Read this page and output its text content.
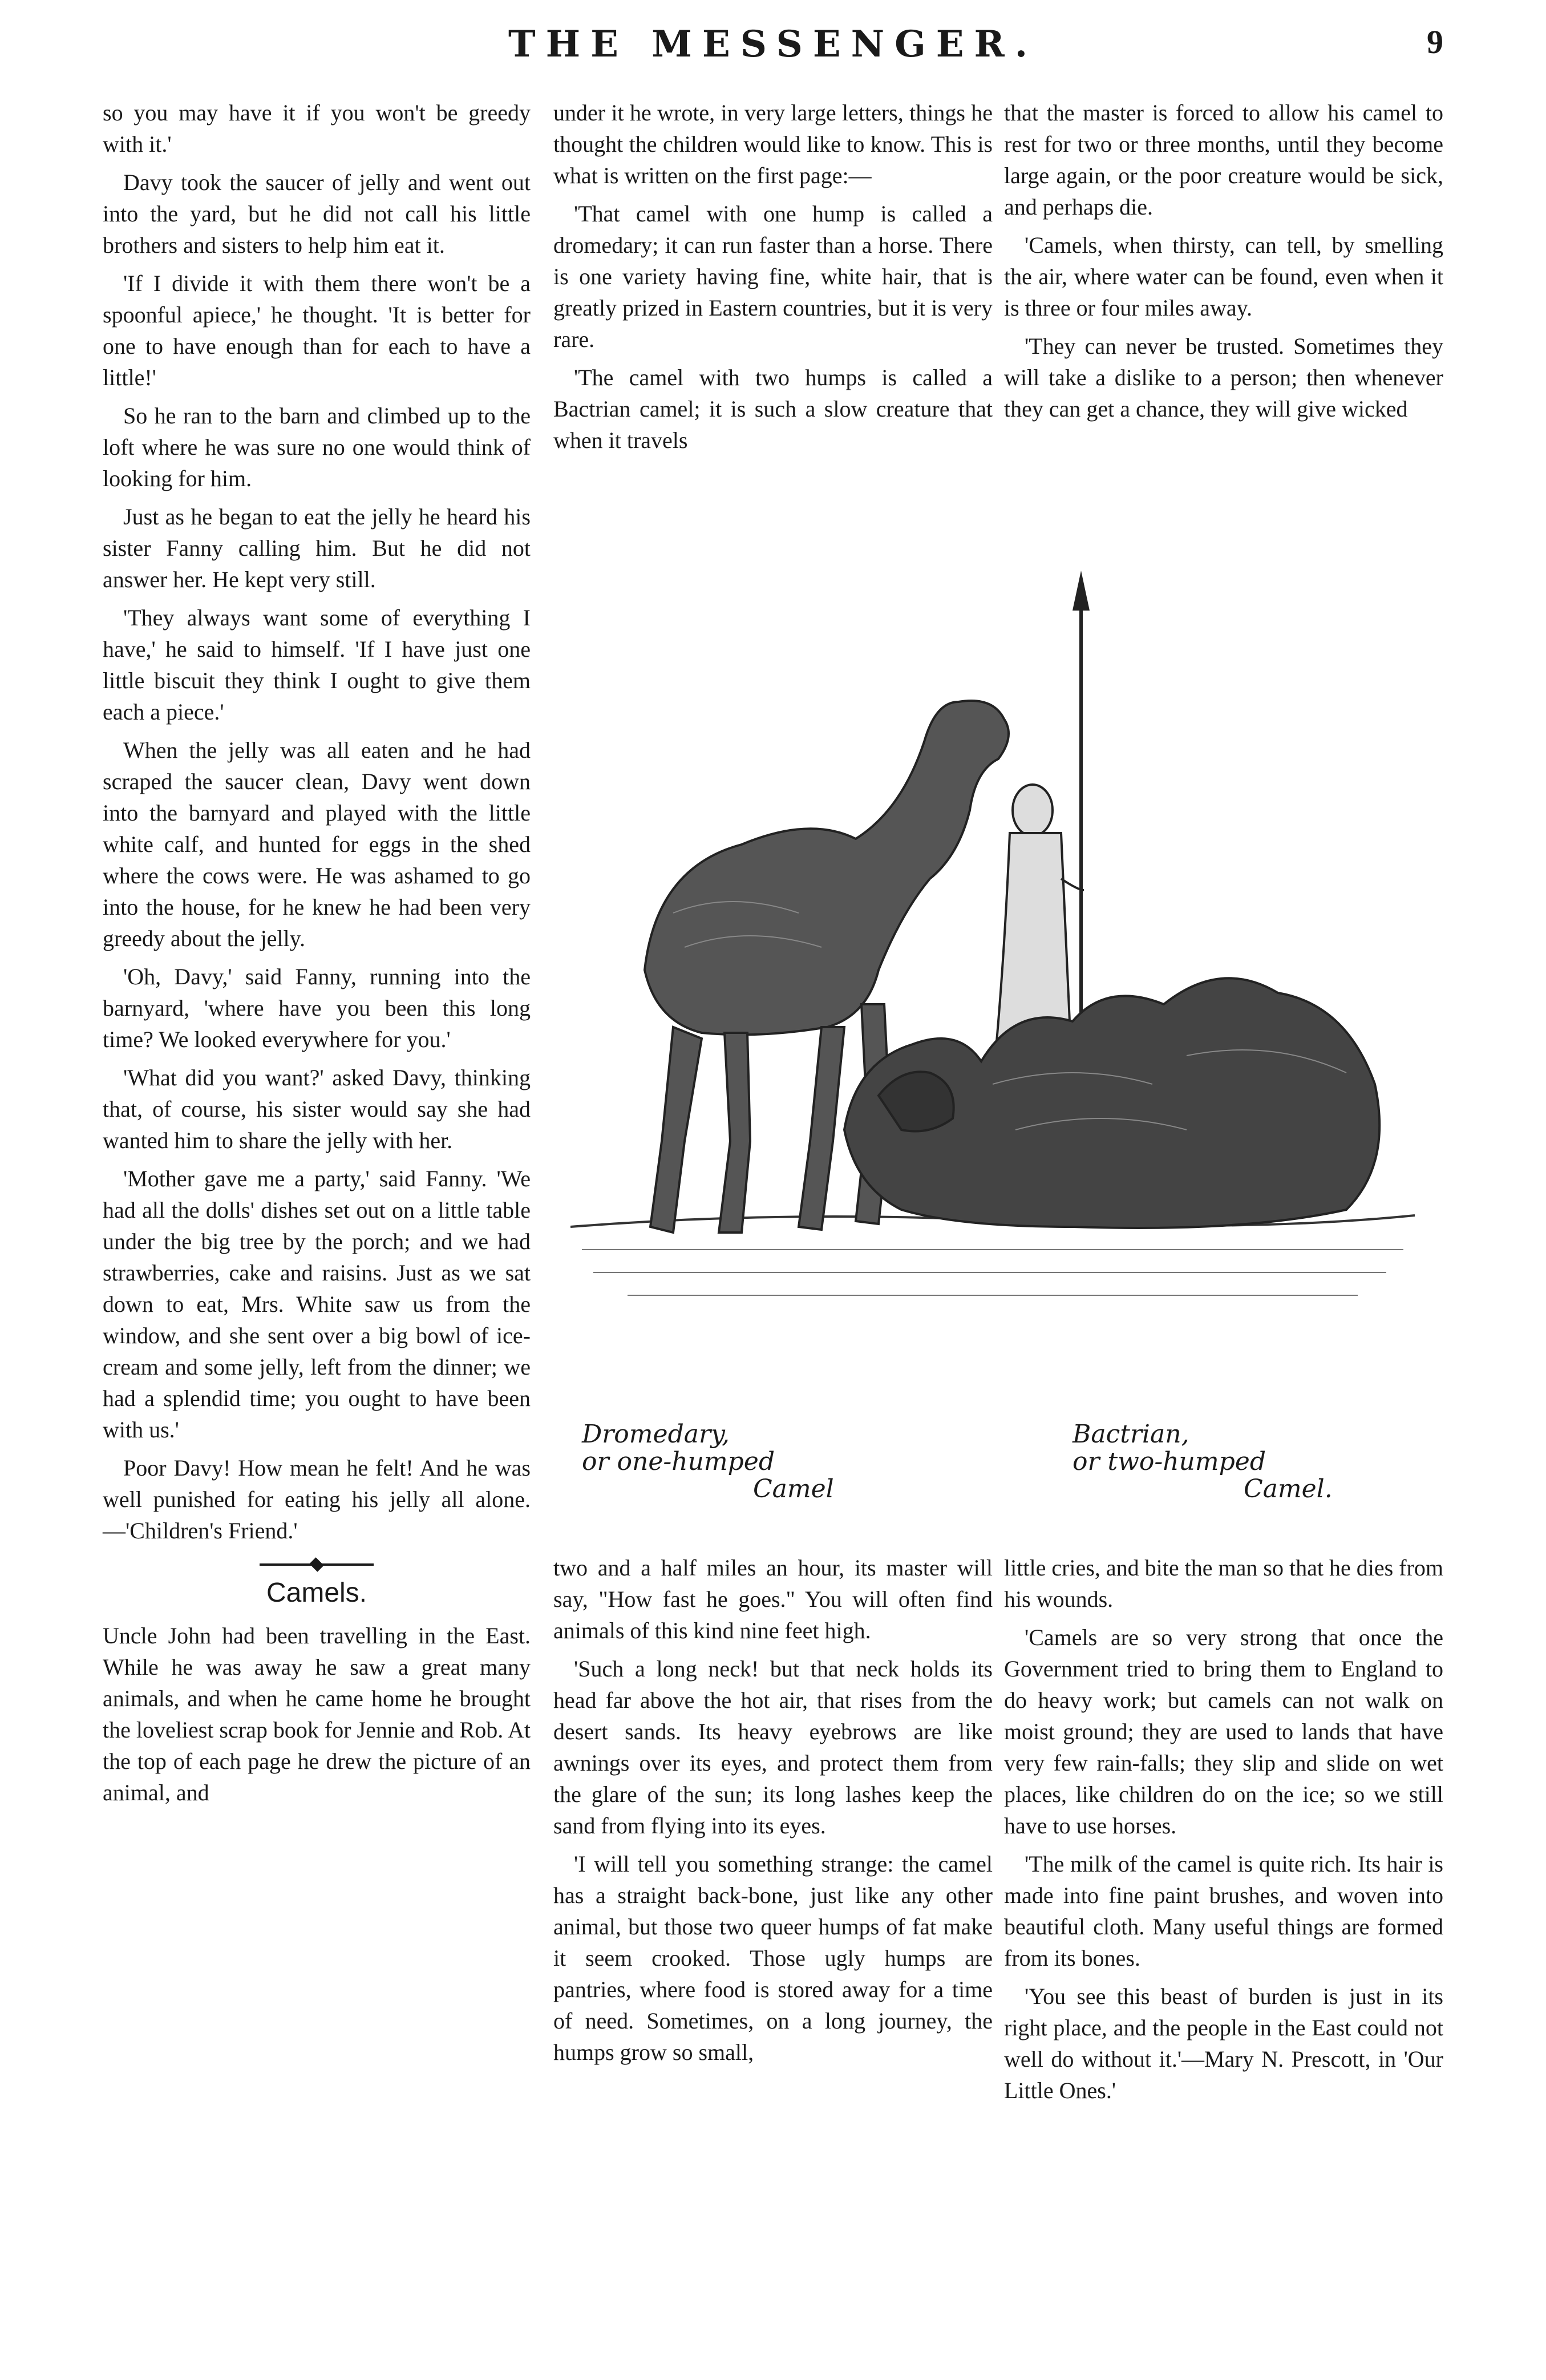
THE MESSENGER.	9

so you may have it if you won't be greedy with it.'

Davy took the saucer of jelly and went out into the yard, but he did not call his little brothers and sisters to help him eat it.

'If I divide it with them there won't be a spoonful apiece,' he thought. 'It is better for one to have enough than for each to have a little!'

So he ran to the barn and climbed up to the loft where he was sure no one would think of looking for him.

Just as he began to eat the jelly he heard his sister Fanny calling him. But he did not answer her. He kept very still.

'They always want some of everything I have,' he said to himself. 'If I have just one little biscuit they think I ought to give them each a piece.'

When the jelly was all eaten and he had scraped the saucer clean, Davy went down into the barnyard and played with the little white calf, and hunted for eggs in the shed where the cows were. He was ashamed to go into the house, for he knew he had been very greedy about the jelly.

'Oh, Davy,' said Fanny, running into the barnyard, 'where have you been this long time? We looked everywhere for you.'

'What did you want?' asked Davy, thinking that, of course, his sister would say she had wanted him to share the jelly with her.

'Mother gave me a party,' said Fanny. 'We had all the dolls' dishes set out on a little table under the big tree by the porch; and we had strawberries, cake and raisins. Just as we sat down to eat, Mrs. White saw us from the window, and she sent over a big bowl of ice-cream and some jelly, left from the dinner; we had a splendid time; you ought to have been with us.'

Poor Davy! How mean he felt! And he was well punished for eating his jelly all alone.—'Children's Friend.'

Camels.

Uncle John had been travelling in the East. While he was away he saw a great many animals, and when he came home he brought the loveliest scrap book for Jennie and Rob. At the top of each page he drew the picture of an animal, and

under it he wrote, in very large letters, things he thought the children would like to know. This is what is written on the first page:—

'That camel with one hump is called a dromedary; it can run faster than a horse. There is one variety having fine, white hair, that is greatly prized in Eastern countries, but it is very rare.

'The camel with two humps is called a Bactrian camel; it is such a slow creature that when it travels

that the master is forced to allow his camel to rest for two or three months, until they become large again, or the poor creature would be sick, and perhaps die.

'Camels, when thirsty, can tell, by smelling the air, where water can be found, even when it is three or four miles away.

'They can never be trusted. Sometimes they will take a dislike to a person; then whenever they can get a chance, they will give wicked

Dromedary,
or one-humped
Camel
Bactrian,
or two-humped
Camel.

two and a half miles an hour, its master will say, "How fast he goes." You will often find animals of this kind nine feet high.

'Such a long neck! but that neck holds its head far above the hot air, that rises from the desert sands. Its heavy eyebrows are like awnings over its eyes, and protect them from the glare of the sun; its long lashes keep the sand from flying into its eyes.

'I will tell you something strange: the camel has a straight back-bone, just like any other animal, but those two queer humps of fat make it seem crooked. Those ugly humps are pantries, where food is stored away for a time of need. Sometimes, on a long journey, the humps grow so small,

little cries, and bite the man so that he dies from his wounds.

'Camels are so very strong that once the Government tried to bring them to England to do heavy work; but camels can not walk on moist ground; they are used to lands that have very few rain-falls; they slip and slide on wet places, like children do on the ice; so we still have to use horses.

'The milk of the camel is quite rich. Its hair is made into fine paint brushes, and woven into beautiful cloth. Many useful things are formed from its bones.

'You see this beast of burden is just in its right place, and the people in the East could not well do without it.'—Mary N. Prescott, in 'Our Little Ones.'
